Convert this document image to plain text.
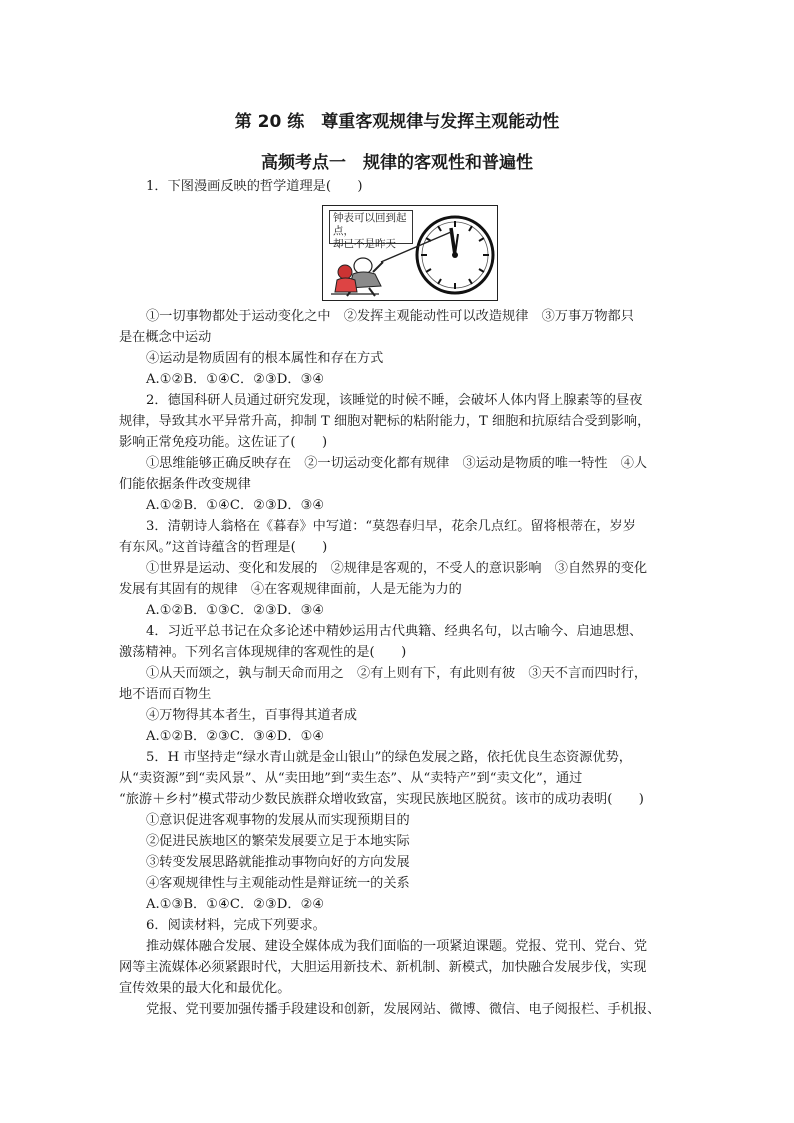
第 20 练　尊重客观规律与发挥主观能动性
高频考点一　规律的客观性和普遍性
钟表可以回到起点，
却已不是昨天
1．下图漫画反映的哲学道理是(　　)
①一切事物都处于运动变化之中　②发挥主观能动性可以改造规律　③万事万物都只
是在概念中运动
④运动是物质固有的根本属性和存在方式
A.①②B．①④C．②③D．③④
2．德国科研人员通过研究发现，该睡觉的时候不睡，会破坏人体内肾上腺素等的昼夜
规律，导致其水平异常升高，抑制 T 细胞对靶标的粘附能力，T 细胞和抗原结合受到影响，
影响正常免疫功能。这佐证了(　　)
①思维能够正确反映存在　②一切运动变化都有规律　③运动是物质的唯一特性　④人
们能依据条件改变规律
A.①②B．①④C．②③D．③④
3．清朝诗人翁格在《暮春》中写道：“莫怨春归早，花余几点红。留将根蒂在，岁岁
有东风。”这首诗蕴含的哲理是(　　)
①世界是运动、变化和发展的　②规律是客观的，不受人的意识影响　③自然界的变化
发展有其固有的规律　④在客观规律面前，人是无能为力的
A.①②B．①③C．②③D．③④
4．习近平总书记在众多论述中精妙运用古代典籍、经典名句，以古喻今、启迪思想、
激荡精神。下列名言体现规律的客观性的是(　　)
①从天而颂之，孰与制天命而用之　②有上则有下，有此则有彼　③天不言而四时行，
地不语而百物生
④万物得其本者生，百事得其道者成
A.①②B．②③C．③④D．①④
5．H 市坚持走“绿水青山就是金山银山”的绿色发展之路，依托优良生态资源优势，
从“卖资源”到“卖风景”、从“卖田地”到“卖生态”、从“卖特产”到“卖文化”，通过
“旅游＋乡村”模式带动少数民族群众增收致富，实现民族地区脱贫。该市的成功表明(　　)
①意识促进客观事物的发展从而实现预期目的
②促进民族地区的繁荣发展要立足于本地实际
③转变发展思路就能推动事物向好的方向发展
④客观规律性与主观能动性是辩证统一的关系
A.①③B．①④C．②③D．②④
6．阅读材料，完成下列要求。
推动媒体融合发展、建设全媒体成为我们面临的一项紧迫课题。党报、党刊、党台、党
网等主流媒体必须紧跟时代，大胆运用新技术、新机制、新模式，加快融合发展步伐，实现
宣传效果的最大化和最优化。
党报、党刊要加强传播手段建设和创新，发展网站、微博、微信、电子阅报栏、手机报、
